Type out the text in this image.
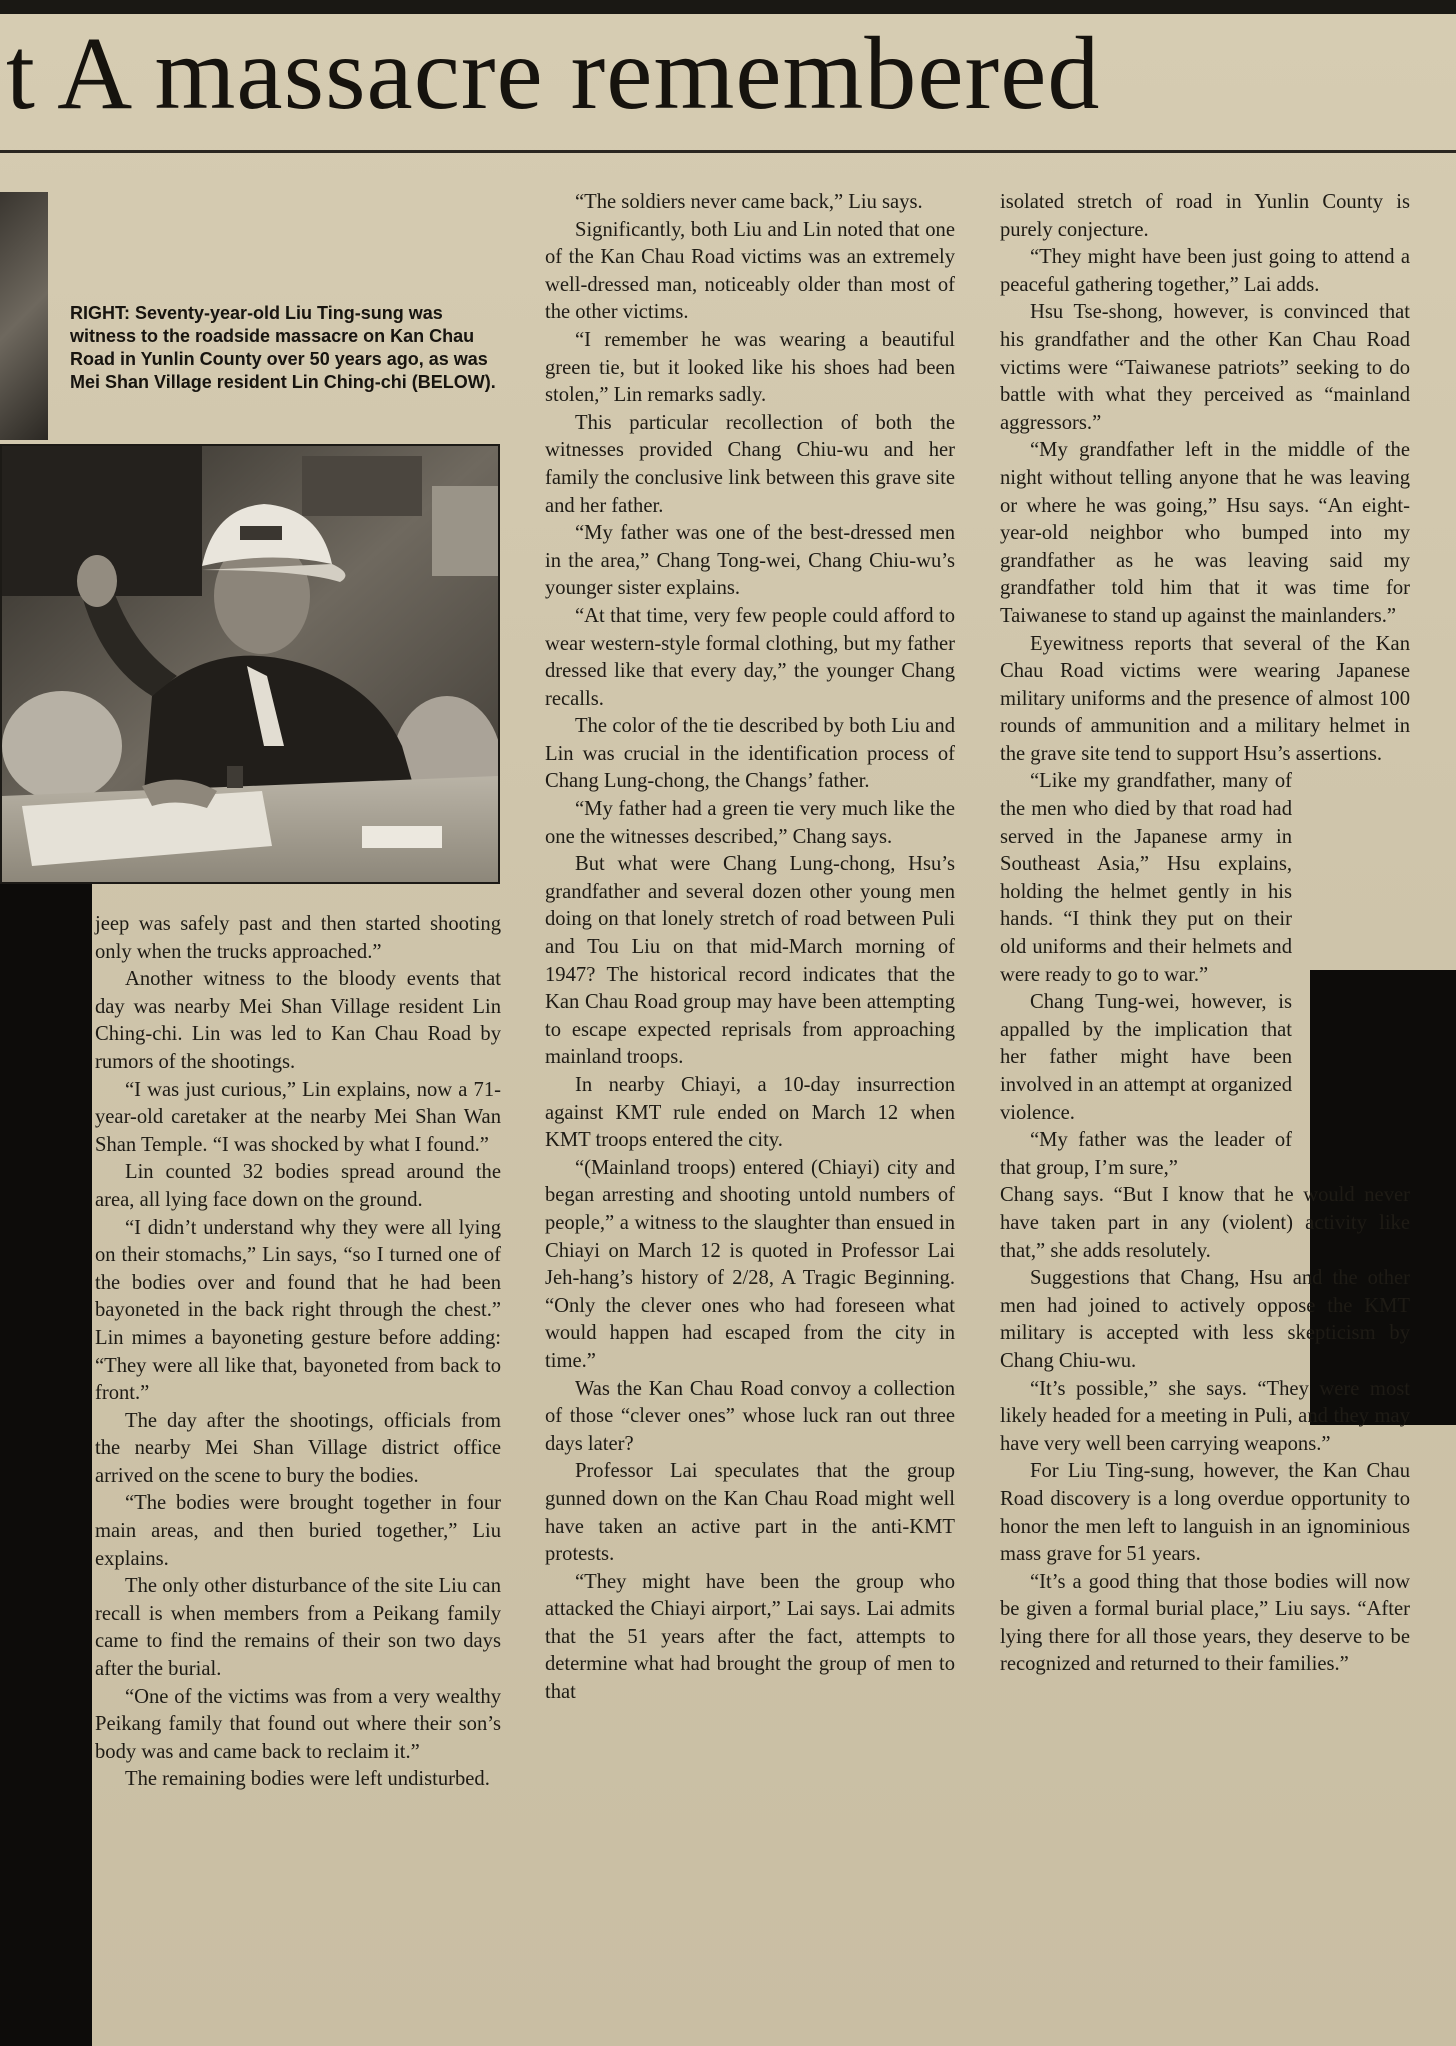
t A massacre remembered
RIGHT: Seventy-year-old Liu Ting-sung was witness to the roadside massacre on Kan Chau Road in Yunlin County over 50 years ago, as was Mei Shan Village resident Lin Ching-chi (BELOW).

jeep was safely past and then started shooting only when the trucks approached.”

Another witness to the bloody events that day was nearby Mei Shan Village resident Lin Ching-chi. Lin was led to Kan Chau Road by rumors of the shootings.

“I was just curious,” Lin explains, now a 71-year-old caretaker at the nearby Mei Shan Wan Shan Temple. “I was shocked by what I found.”

Lin counted 32 bodies spread around the area, all lying face down on the ground.

“I didn’t understand why they were all lying on their stomachs,” Lin says, “so I turned one of the bodies over and found that he had been bayoneted in the back right through the chest.” Lin mimes a bayoneting gesture before adding: “They were all like that, bayoneted from back to front.”

The day after the shootings, officials from the nearby Mei Shan Village district office arrived on the scene to bury the bodies.

“The bodies were brought together in four main areas, and then buried together,” Liu explains.

The only other disturbance of the site Liu can recall is when members from a Peikang family came to find the remains of their son two days after the burial.

“One of the victims was from a very wealthy Peikang family that found out where their son’s body was and came back to reclaim it.”

The remaining bodies were left undisturbed.

“The soldiers never came back,” Liu says.

Significantly, both Liu and Lin noted that one of the Kan Chau Road victims was an extremely well-dressed man, noticeably older than most of the other victims.

“I remember he was wearing a beautiful green tie, but it looked like his shoes had been stolen,” Lin remarks sadly.

This particular recollection of both the witnesses provided Chang Chiu-wu and her family the conclusive link between this grave site and her father.

“My father was one of the best-dressed men in the area,” Chang Tong-wei, Chang Chiu-wu’s younger sister explains.

“At that time, very few people could afford to wear western-style formal clothing, but my father dressed like that every day,” the younger Chang recalls.

The color of the tie described by both Liu and Lin was crucial in the identification process of Chang Lung-chong, the Changs’ father.

“My father had a green tie very much like the one the witnesses described,” Chang says.

But what were Chang Lung-chong, Hsu’s grandfather and several dozen other young men doing on that lonely stretch of road between Puli and Tou Liu on that mid-March morning of 1947? The historical record indicates that the Kan Chau Road group may have been attempting to escape expected reprisals from approaching mainland troops.

In nearby Chiayi, a 10-day insurrection against KMT rule ended on March 12 when KMT troops entered the city.

“(Mainland troops) entered (Chiayi) city and began arresting and shooting untold numbers of people,” a witness to the slaughter than ensued in Chiayi on March 12 is quoted in Professor Lai Jeh-hang’s history of 2/28, A Tragic Beginning. “Only the clever ones who had foreseen what would happen had escaped from the city in time.”

Was the Kan Chau Road convoy a collection of those “clever ones” whose luck ran out three days later?

Professor Lai speculates that the group gunned down on the Kan Chau Road might well have taken an active part in the anti-KMT protests.

“They might have been the group who attacked the Chiayi airport,” Lai says. Lai admits that the 51 years after the fact, attempts to determine what had brought the group of men to that

isolated stretch of road in Yunlin County is purely conjecture.

“They might have been just going to attend a peaceful gathering together,” Lai adds.

Hsu Tse-shong, however, is convinced that his grandfather and the other Kan Chau Road victims were “Taiwanese patriots” seeking to do battle with what they perceived as “mainland aggressors.”

“My grandfather left in the middle of the night without telling anyone that he was leaving or where he was going,” Hsu says. “An eight-year-old neighbor who bumped into my grandfather as he was leaving said my grandfather told him that it was time for Taiwanese to stand up against the mainlanders.”

Eyewitness reports that several of the Kan Chau Road victims were wearing Japanese military uniforms and the presence of almost 100 rounds of ammunition and a military helmet in the grave site tend to support Hsu’s assertions.

“Like my grandfather, many of the men who died by that road had served in the Japanese army in Southeast Asia,” Hsu explains, holding the helmet gently in his hands. “I think they put on their old uniforms and their helmets and were ready to go to war.”

Chang Tung-wei, however, is appalled by the implication that her father might have been involved in an attempt at organized violence.

“My father was the leader of that group, I’m sure,”

Chang says. “But I know that he would never have taken part in any (violent) activity like that,” she adds resolutely.

Suggestions that Chang, Hsu and the other men had joined to actively oppose the KMT military is accepted with less skepticism by Chang Chiu-wu.

“It’s possible,” she says. “They were most likely headed for a meeting in Puli, and they may have very well been carrying weapons.”

For Liu Ting-sung, however, the Kan Chau Road discovery is a long overdue opportunity to honor the men left to languish in an ignominious mass grave for 51 years.

“It’s a good thing that those bodies will now be given a formal burial place,” Liu says. “After lying there for all those years, they deserve to be recognized and returned to their families.”
